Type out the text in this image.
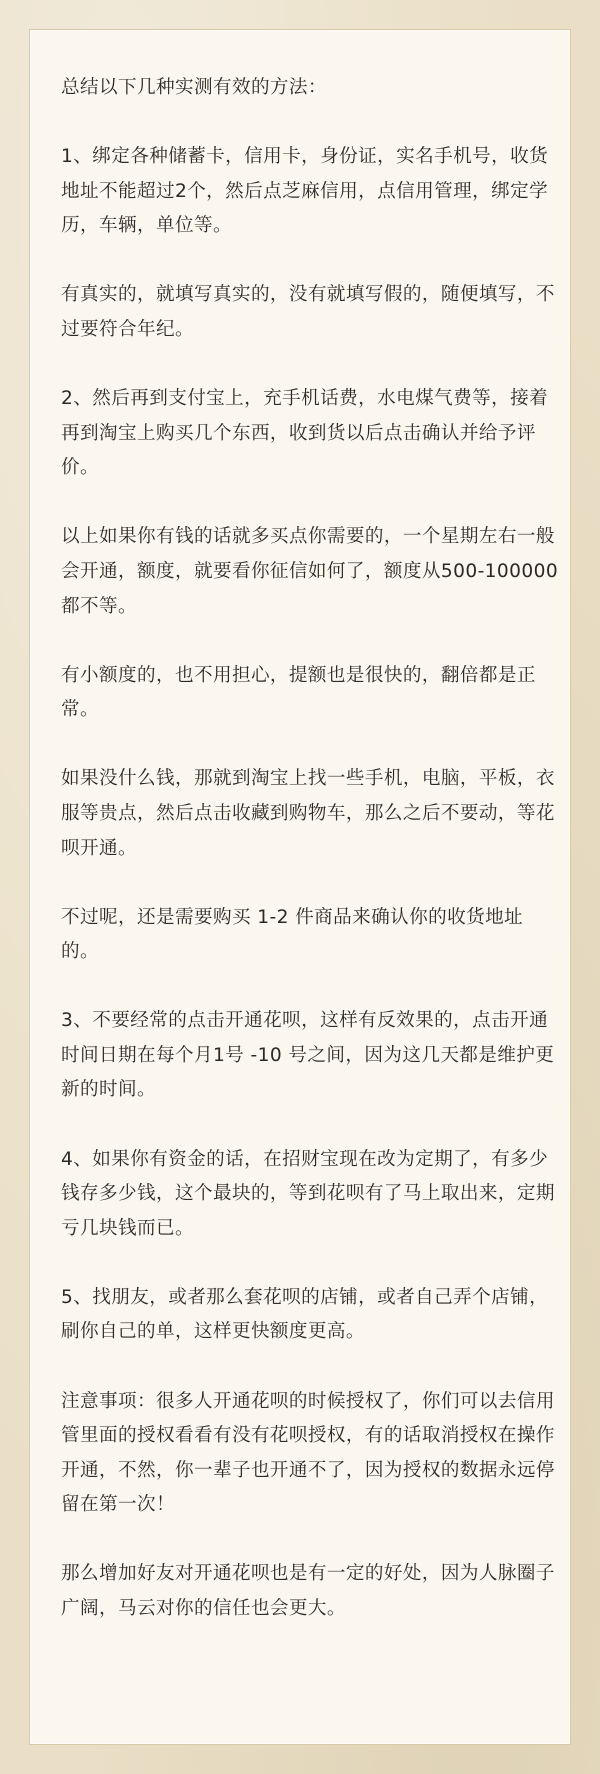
总结以下几种实测有效的方法：

1、绑定各种储蓄卡，信用卡，身份证，实名手机号，收货地址不能超过2个，然后点芝麻信用，点信用管理，绑定学历，车辆，单位等。

有真实的，就填写真实的，没有就填写假的，随便填写，不过要符合年纪。

2、然后再到支付宝上，充手机话费，水电煤气费等，接着再到淘宝上购买几个东西，收到货以后点击确认并给予评价。

以上如果你有钱的话就多买点你需要的，一个星期左右一般会开通，额度，就要看你征信如何了，额度从500-100000 都不等。

有小额度的，也不用担心，提额也是很快的，翻倍都是正常。

如果没什么钱，那就到淘宝上找一些手机，电脑，平板，衣服等贵点，然后点击收藏到购物车，那么之后不要动，等花呗开通。

不过呢，还是需要购买 1-2 件商品来确认你的收货地址的。

3、不要经常的点击开通花呗，这样有反效果的，点击开通时间日期在每个月1号 -10 号之间，因为这几天都是维护更新的时间。

4、如果你有资金的话，在招财宝现在改为定期了，有多少钱存多少钱，这个最块的，等到花呗有了马上取出来，定期亏几块钱而已。

5、找朋友，或者那么套花呗的店铺，或者自己弄个店铺，刷你自己的单，这样更快额度更高。

注意事项：很多人开通花呗的时候授权了，你们可以去信用管里面的授权看看有没有花呗授权，有的话取消授权在操作开通，不然，你一辈子也开通不了，因为授权的数据永远停留在第一次！

那么增加好友对开通花呗也是有一定的好处，因为人脉圈子广阔，马云对你的信任也会更大。
